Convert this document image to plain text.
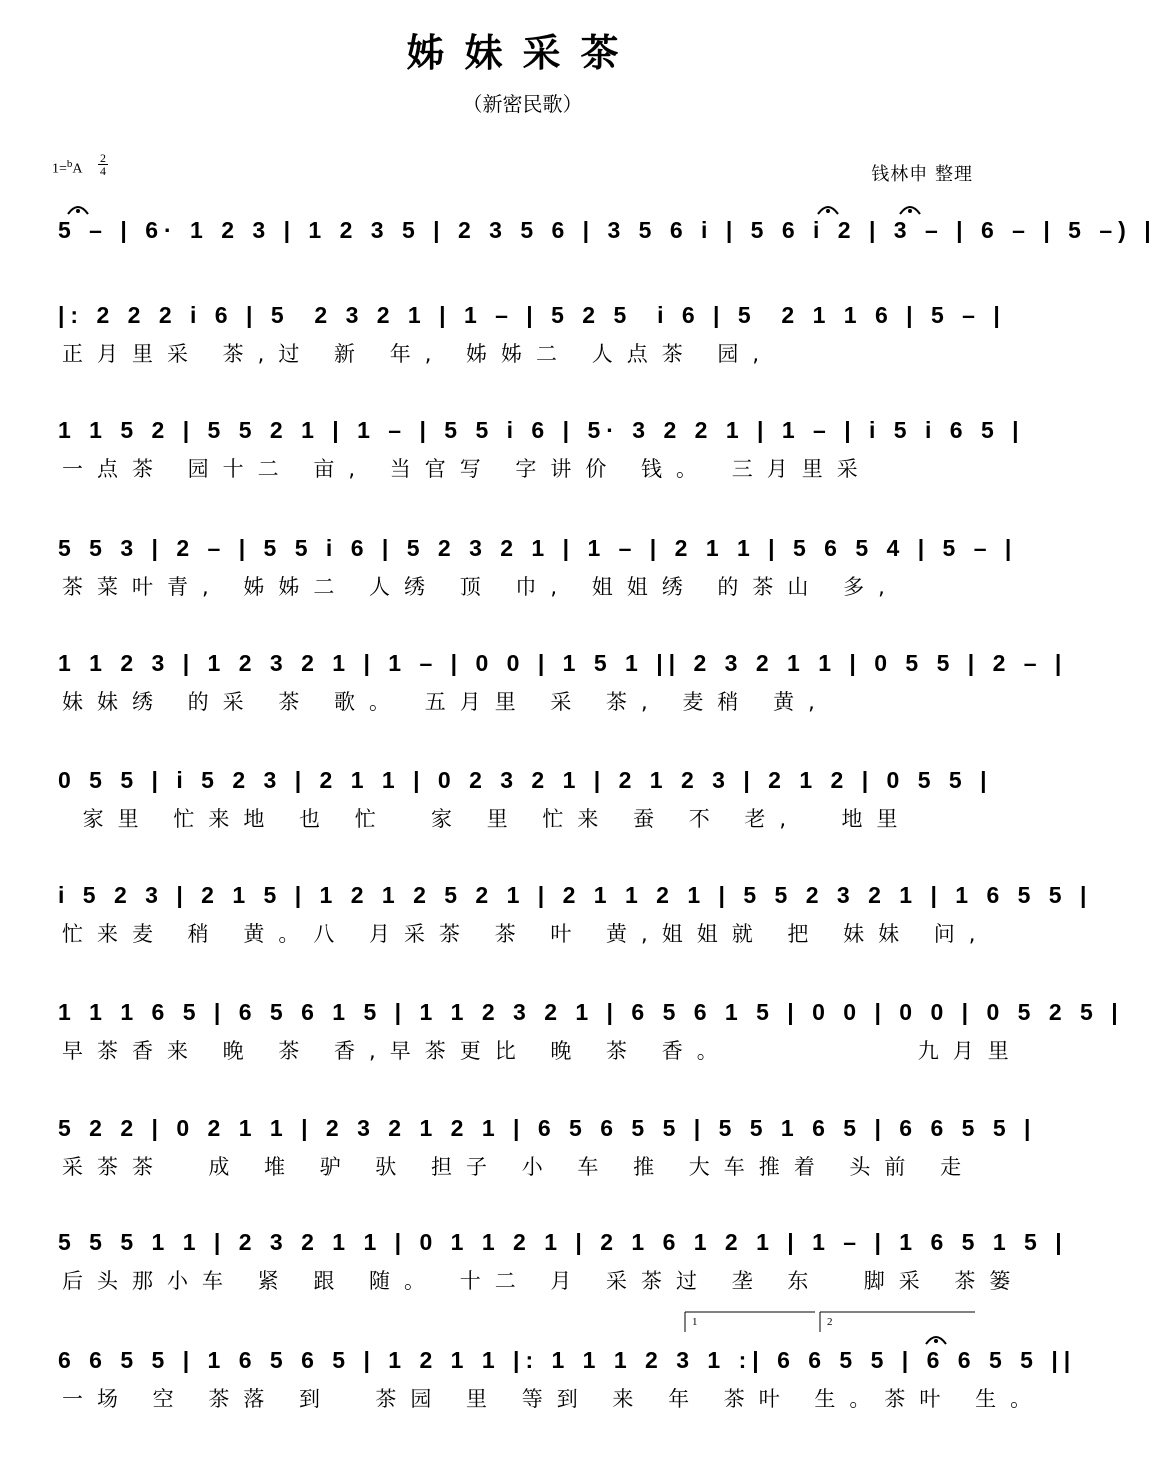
姊妹采茶
（新密民歌）
1=$^b$A
2
4	钱林申 整理
5 – | 6· 1 2 3 | 1 2 3 5 | 2 3 5 6 | 3 5 6 i | 5 6 i 2 | 3 – | 6 – | 5 –) |
|: 2 2 2 i 6 | 5  2 3 2 1 | 1 – | 5 2 5  i 6 | 5  2 1 1 6 | 5 – |
正月里采 茶,过 新 年, 姊姊二 人点茶 园,
1 1 5 2 | 5 5 2 1 | 1 – | 5 5 i 6 | 5· 3 2 2 1 | 1 – | i 5 i 6 5 |
一点茶 园十二 亩, 当官写 字讲价 钱。 三月里采
5 5 3 | 2 – | 5 5 i 6 | 5 2 3 2 1 | 1 – | 2 1 1 | 5 6 5 4 | 5 – |
茶菜叶青, 姊姊二 人绣 顶 巾, 姐姐绣 的茶山 多,
1 1 2 3 | 1 2 3 2 1 | 1 – | 0 0 | 1 5 1 || 2 3 2 1 1 | 0 5 5 | 2 – |
妹妹绣 的采 茶 歌。 五月里 采 茶, 麦稍 黄,
0 5 5 | i 5 2 3 | 2 1 1 | 0 2 3 2 1 | 2 1 2 3 | 2 1 2 | 0 5 5 |
家里 忙来地 也 忙  家 里 忙来 蚕 不 老,  地里
i 5 2 3 | 2 1 5 | 1 2 1 2 5 2 1 | 2 1 1 2 1 | 5 5 2 3 2 1 | 1 6 5 5 |
忙来麦 稍 黄。八 月采茶 茶 叶 黄,姐姐就 把 妹妹 问,
1 1 1 6 5 | 6 5 6 1 5 | 1 1 2 3 2 1 | 6 5 6 1 5 | 0 0 | 0 0 | 0 5 2 5 |
早茶香来 晚 茶 香,早茶更比 晚 茶 香。         九月里
5 2 2 | 0 2 1 1 | 2 3 2 1 2 1 | 6 5 6 5 5 | 5 5 1 6 5 | 6 6 5 5 |
采茶茶  成 堆 驴 驮 担子 小 车 推 大车推着 头前 走
5 5 5 1 1 | 2 3 2 1 1 | 0 1 1 2 1 | 2 1 6 1 2 1 | 1 – | 1 6 5 1 5 |
后头那小车 紧 跟 随。 十二 月 采茶过 垄 东  脚采 茶篓
6 6 5 5 | 1 6 5 6 5 | 1 2 1 1 |: 1 1 1 2 3 1 :| 6 6 5 5 | 6 6 5 5 ||
一场 空 茶落 到  茶园 里 等到 来 年 茶叶 生。茶叶 生。
1	2
